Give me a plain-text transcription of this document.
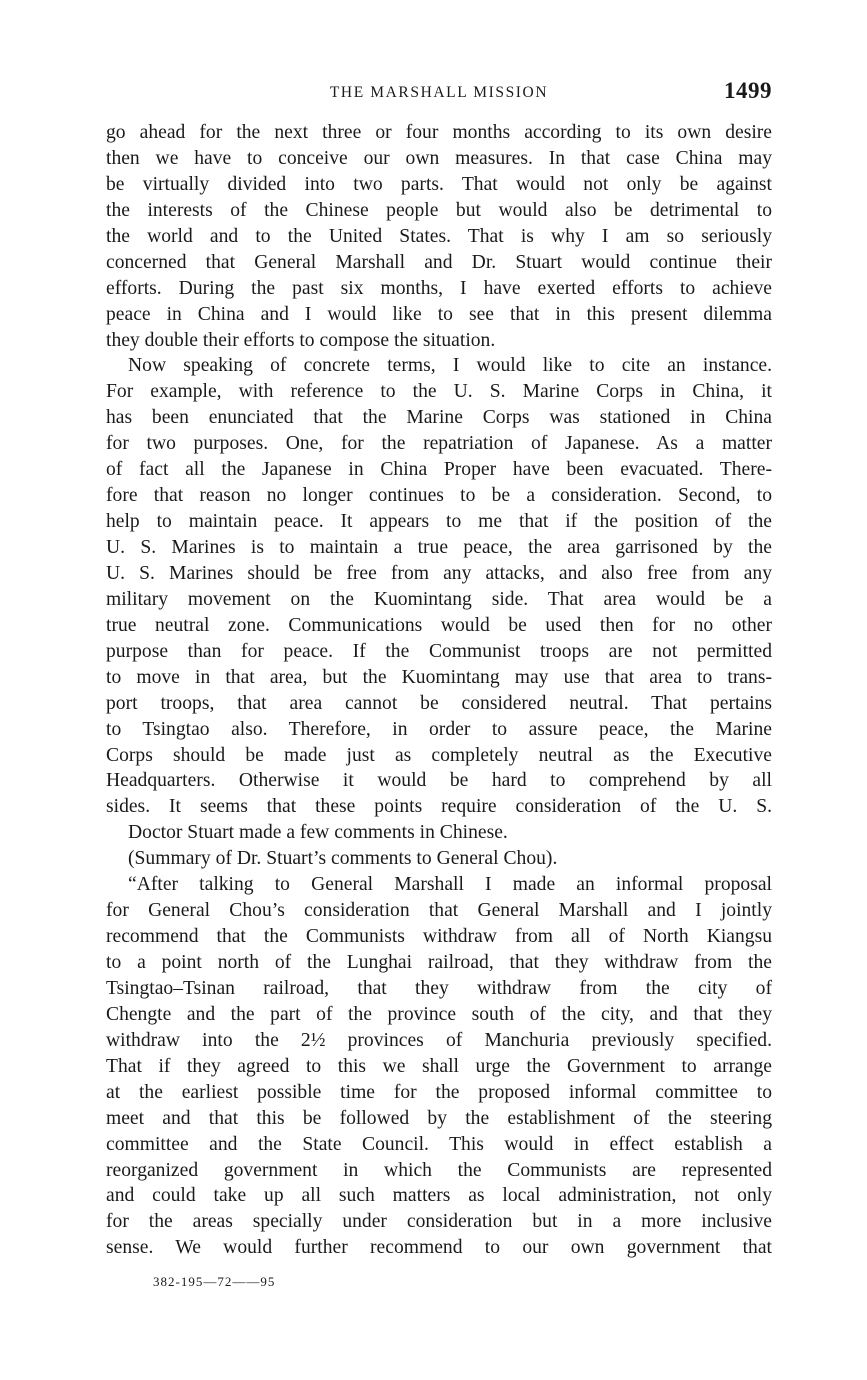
THE MARSHALL MISSION	1499
go ahead for the next three or four months according to its own desire
then we have to conceive our own measures. In that case China may
be virtually divided into two parts. That would not only be against
the interests of the Chinese people but would also be detrimental to
the world and to the United States. That is why I am so seriously
concerned that General Marshall and Dr. Stuart would continue their
efforts. During the past six months, I have exerted efforts to achieve
peace in China and I would like to see that in this present dilemma
they double their efforts to compose the situation.
Now speaking of concrete terms, I would like to cite an instance.
For example, with reference to the U. S. Marine Corps in China, it
has been enunciated that the Marine Corps was stationed in China
for two purposes. One, for the repatriation of Japanese. As a matter
of fact all the Japanese in China Proper have been evacuated. There-
fore that reason no longer continues to be a consideration. Second, to
help to maintain peace. It appears to me that if the position of the
U. S. Marines is to maintain a true peace, the area garrisoned by the
U. S. Marines should be free from any attacks, and also free from any
military movement on the Kuomintang side. That area would be a
true neutral zone. Communications would be used then for no other
purpose than for peace. If the Communist troops are not permitted
to move in that area, but the Kuomintang may use that area to trans-
port troops, that area cannot be considered neutral. That pertains
to Tsingtao also. Therefore, in order to assure peace, the Marine
Corps should be made just as completely neutral as the Executive
Headquarters. Otherwise it would be hard to comprehend by all
sides. It seems that these points require consideration of the U. S.
Doctor Stuart made a few comments in Chinese.
(Summary of Dr. Stuart’s comments to General Chou).
“After talking to General Marshall I made an informal proposal
for General Chou’s consideration that General Marshall and I jointly
recommend that the Communists withdraw from all of North Kiangsu
to a point north of the Lunghai railroad, that they withdraw from the
Tsingtao–Tsinan railroad, that they withdraw from the city of
Chengte and the part of the province south of the city, and that they
withdraw into the 2½ provinces of Manchuria previously specified.
That if they agreed to this we shall urge the Government to arrange
at the earliest possible time for the proposed informal committee to
meet and that this be followed by the establishment of the steering
committee and the State Council. This would in effect establish a
reorganized government in which the Communists are represented
and could take up all such matters as local administration, not only
for the areas specially under consideration but in a more inclusive
sense. We would further recommend to our own government that
382-195—72——95
